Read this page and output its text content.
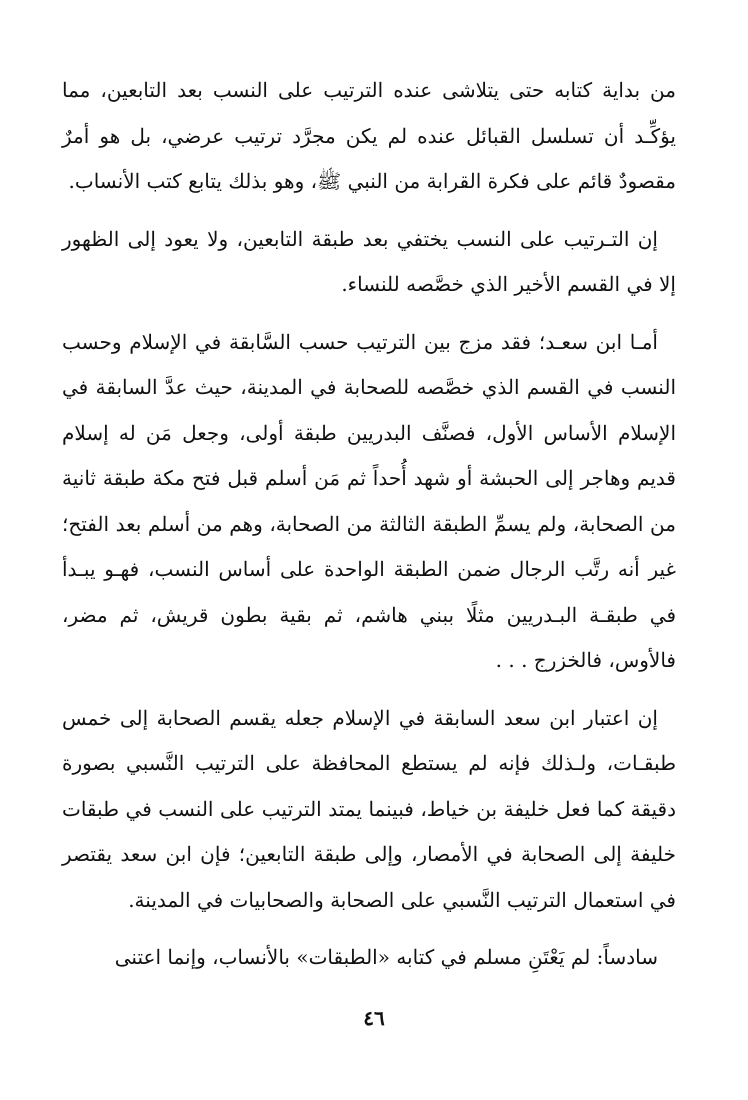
من بداية كتابه حتى يتلاشى عنده الترتيب على النسب بعد التابعين، مما يؤكِّـد أن تسلسل القبائل عنده لم يكن مجرَّد ترتيب عرضي، بل هو أمرٌ مقصودٌ قائم على فكرة القرابة من النبي ﷺ، وهو بذلك يتابع كتب الأنساب.

إن التـرتيب على النسب يختفي بعد طبقة التابعين، ولا يعود إلى الظهور إلا في القسم الأخير الذي خصَّصه للنساء.

أمـا ابن سعـد؛ فقد مزج بين الترتيب حسب السَّابقة في الإسلام وحسب النسب في القسم الذي خصَّصه للصحابة في المدينة، حيث عدَّ السابقة في الإسلام الأساس الأول، فصنَّف البدريين طبقة أولى، وجعل مَن له إسلام قديم وهاجر إلى الحبشة أو شهد أُحداً ثم مَن أسلم قبل فتح مكة طبقة ثانية من الصحابة، ولم يسمِّ الطبقة الثالثة من الصحابة، وهم من أسلم بعد الفتح؛ غير أنه رتَّب الرجال ضمن الطبقة الواحدة على أساس النسب، فهـو يبـدأ في طبقـة البـدريين مثلًا ببني هاشم، ثم بقية بطون قريش، ثم مضر، فالأوس، فالخزرج . . .

إن اعتبار ابن سعد السابقة في الإسلام جعله يقسم الصحابة إلى خمس طبقـات، ولـذلك فإنه لم يستطع المحافظة على الترتيب النَّسبي بصورة دقيقة كما فعل خليفة بن خياط، فبينما يمتد الترتيب على النسب في طبقات خليفة إلى الصحابة في الأمصار، وإلى طبقة التابعين؛ فإن ابن سعد يقتصر في استعمال الترتيب النَّسبي على الصحابة والصحابيات في المدينة.

سادساً: لم يَعْتَنِ مسلم في كتابه «الطبقات» بالأنساب، وإنما اعتنى

٤٦
